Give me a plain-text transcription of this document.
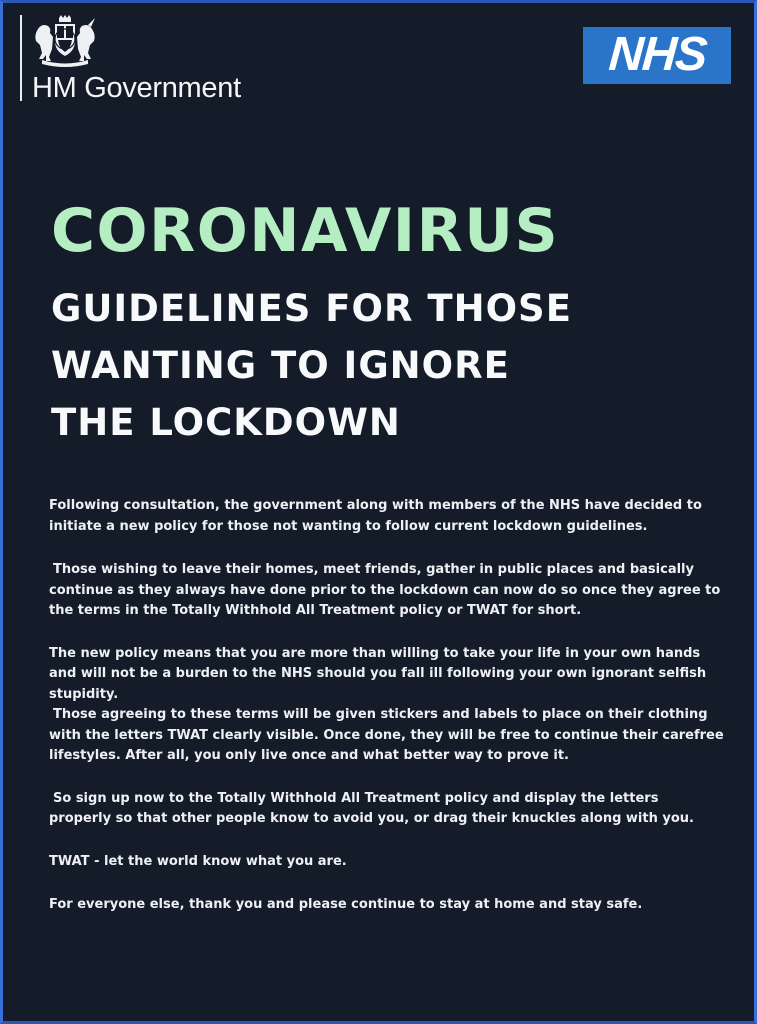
HM Government
NHS
CORONAVIRUS
GUIDELINES FOR THOSE
WANTING TO IGNORE
THE LOCKDOWN

Following consultation, the government along with members of the NHS have decided to initiate a new policy for those not wanting to follow current lockdown guidelines.

Those wishing to leave their homes, meet friends, gather in public places and basically continue as they always have done prior to the lockdown can now do so once they agree to the terms in the Totally Withhold All Treatment policy or TWAT for short.

The new policy means that you are more than willing to take your life in your own hands and will not be a burden to the NHS should you fall ill following your own ignorant selfish stupidity.

Those agreeing to these terms will be given stickers and labels to place on their clothing with the letters TWAT clearly visible. Once done, they will be free to continue their carefree lifestyles. After all, you only live once and what better way to prove it.

So sign up now to the Totally Withhold All Treatment policy and display the letters properly so that other people know to avoid you, or drag their knuckles along with you.

TWAT - let the world know what you are.

For everyone else, thank you and please continue to stay at home and stay safe.
